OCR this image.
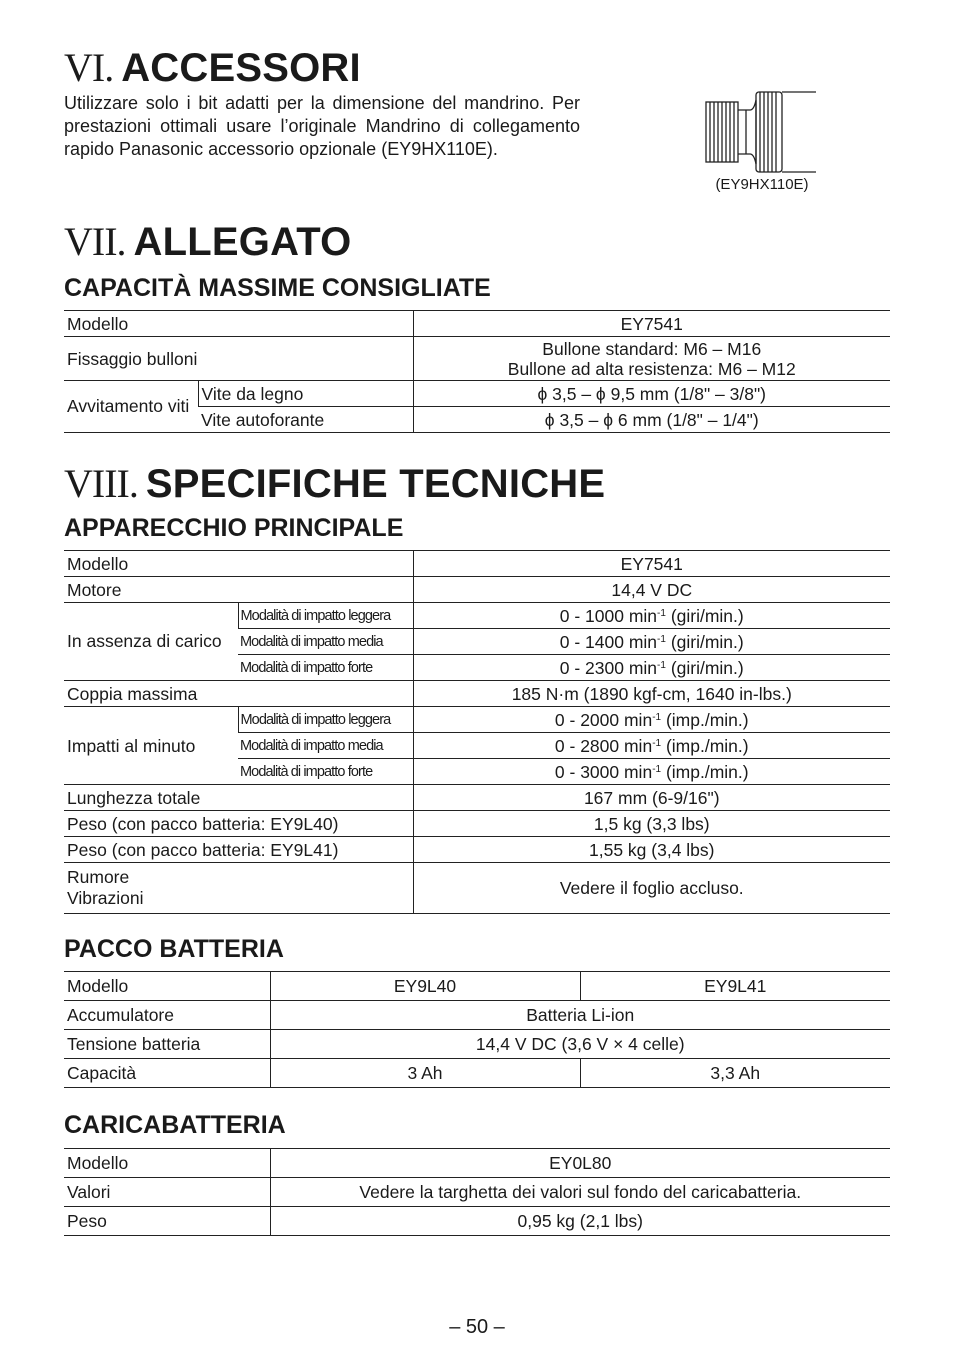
VI. ACCESSORI
Utilizzare solo i bit adatti per la dimensione del mandrino. Per prestazioni ottimali usare l’originale Mandrino di collegamento rapido Panasonic accessorio opzionale (EY9HX110E).
VII. ALLEGATO
CAPACITÀ MASSIME CONSIGLIATE
Modello		EY7541
Fissaggio bulloni		Bullone standard: M6 – M16
Bullone ad alta resistenza: M6 – M12

Avvitamento viti	Vite da legno	ϕ 3,5 – ϕ 9,5 mm (1/8" – 3/8")
	Vite autoforante	ϕ 3,5 – ϕ 6 mm (1/8" – 1/4")
VIII. SPECIFICHE TECNICHE
APPARECCHIO PRINCIPALE
Modello		EY7541
Motore		14,4 V DC
In assenza di carico	Modalità di impatto leggera	0 - 1000 $\min^{-1}$ (giri/min.)
	Modalità di impatto media	0 - 1400 $\min^{-1}$ (giri/min.)
	Modalità di impatto forte	0 - 2300 $\min^{-1}$ (giri/min.)
Coppia massima		185 N·m (1890 kgf-cm, 1640 in-lbs.)
Impatti al minuto	Modalità di impatto leggera	0 - 2000 $\min^{-1} (imp./\min.)$
	Modalità di impatto media	0 - 2800 $\min^{-1} (imp./\min.)$
	Modalità di impatto forte	0 - 3000 $\min^{-1} (imp./\min.)$
Lunghezza totale		167 mm (6-9/16")
Peso (con pacco batteria: EY9L40)		1,5 kg (3,3 lbs)
Peso (con pacco batteria: EY9L41)		1,55 kg (3,4 lbs)

Rumore
Vibrazioni		Vedere il foglio accluso.
PACCO BATTERIA
Modello	EY9L40	EY9L41
Accumulatore	Batteria Li-ion	
Tensione batteria	14,4 V DC (3,6 V × 4 celle)	
Capacità	3 Ah	3,3 Ah
CARICABATTERIA
Modello	EY0L80
Valori	Vedere la targhetta dei valori sul fondo del caricabatteria.
Peso	0,95 kg (2,1 lbs)
(EY9HX110E)
– 50 –
